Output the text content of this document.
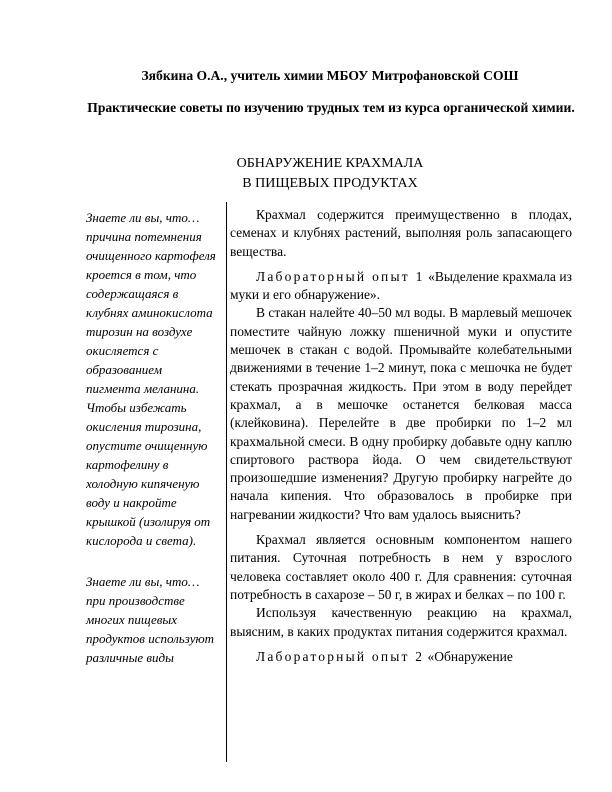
Зябкина О.А., учитель химии МБОУ Митрофановской СОШ
Практические советы по изучению трудных тем из курса органической химии.
ОБНАРУЖЕНИЕ КРАХМАЛА
В ПИЩЕВЫХ ПРОДУКТАХ

Знаете ли вы, что… причина потемнения очищенного картофеля кроется в том, что содержащаяся в клубнях аминокислота тирозин на воздухе окисляется с образованием пигмента меланина. Чтобы избежать окисления тирозина, опустите очищенную картофелину в холодную кипяченую воду и накройте крышкой (изолируя от кислорода и света).

Знаете ли вы, что… при производстве многих пищевых продуктов используют различные виды

Крахмал содержится преимущественно в плодах, семенах и клубнях растений, выполняя роль запасающего вещества.

Лабораторный опыт 1 «Выделение крахмала из муки и его обнаружение».

В стакан налейте 40–50 мл воды. В марлевый мешочек поместите чайную ложку пшеничной муки и опустите мешочек в стакан с водой. Промывайте колебательными движениями в течение 1–2 минут, пока с мешочка не будет стекать прозрачная жидкость. При этом в воду перейдет крахмал, а в мешочке останется белковая масса (клейковина). Перелейте в две пробирки по 1–2 мл крахмальной смеси. В одну пробирку добавьте одну каплю спиртового раствора йода. О чем свидетельствуют произошедшие изменения? Другую пробирку нагрейте до начала кипения. Что образовалось в пробирке при нагревании жидкости? Что вам удалось выяснить?

Крахмал является основным компонентом нашего питания. Суточная потребность в нем у взрослого человека составляет около 400 г. Для сравнения: суточная потребность в сахарозе – 50 г, в жирах и белках – по 100 г.

Используя качественную реакцию на крахмал, выясним, в каких продуктах питания содержится крахмал.

Лабораторный опыт 2 «Обнаружение
